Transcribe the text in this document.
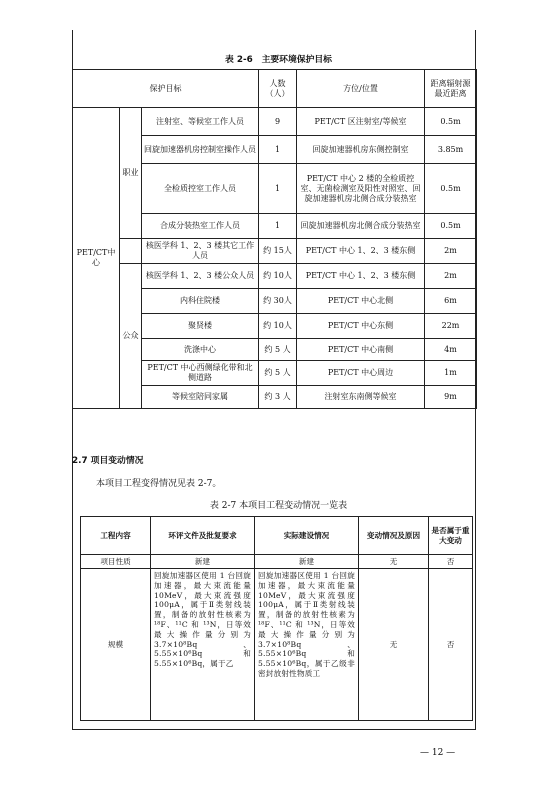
表 2-6　主要环境保护目标
保护目标			人数（人）	方位/位置	距离辐射源最近距离
PET/CT中心	职业	注射室、等候室工作人员	9	PET/CT 区注射室/等候室	0.5m
		回旋加速器机房控制室操作人员	1	回旋加速器机房东侧控制室	3.85m
		全检质控室工作人员	1	PET/CT 中心 2 楼的全检质控室、无菌检测室及阳性对照室、回旋加速器机房北侧合成分装热室	0.5m
		合成分装热室工作人员	1	回旋加速器机房北侧合成分装热室	0.5m
		核医学科 1、2、3 楼其它工作人员	约 15人	PET/CT 中心 1、2、3 楼东侧	2m
	公众	核医学科 1、2、3 楼公众人员	约 10人	PET/CT 中心 1、2、3 楼东侧	2m
		内科住院楼	约 30人	PET/CT 中心北侧	6m
		聚贤楼	约 10人	PET/CT 中心东侧	22m
		洗涤中心	约 5 人	PET/CT 中心南侧	4m
		PET/CT 中心西侧绿化带和北侧道路	约 5 人	PET/CT 中心周边	1m
		等候室陪同家属	约 3 人	注射室东南侧等候室	9m
2.7 项目变动情况
本项目工程变得情况见表 2-7。
表 2-7 本项目工程变动情况一览表
工程内容	环评文件及批复要求	实际建设情况	变动情况及原因	是否属于重大变动
项目性质	新建	新建	无	否
规模	回旋加速器区使用 1 台回旋加速器，最大束流能量 10MeV，最大束流强度 100μA，属于Ⅱ类射线装置，制备的放射性核素为 ¹⁸F、¹¹C 和 ¹³N，日等效最大操作量分别为 3.7×10⁸Bq、5.55×10⁶Bq 和 5.55×10⁶Bq，属于乙	回旋加速器区使用 1 台回旋加速器，最大束流能量 10MeV，最大束流强度 100μA，属于Ⅱ类射线装置，制备的放射性核素为 ¹⁸F、¹¹C 和 ¹³N，日等效最大操作量分别为 3.7×10⁸Bq、5.55×10⁶Bq 和 5.55×10⁶Bq，属于乙级非密封放射性物质工	无	否
— 12 —
